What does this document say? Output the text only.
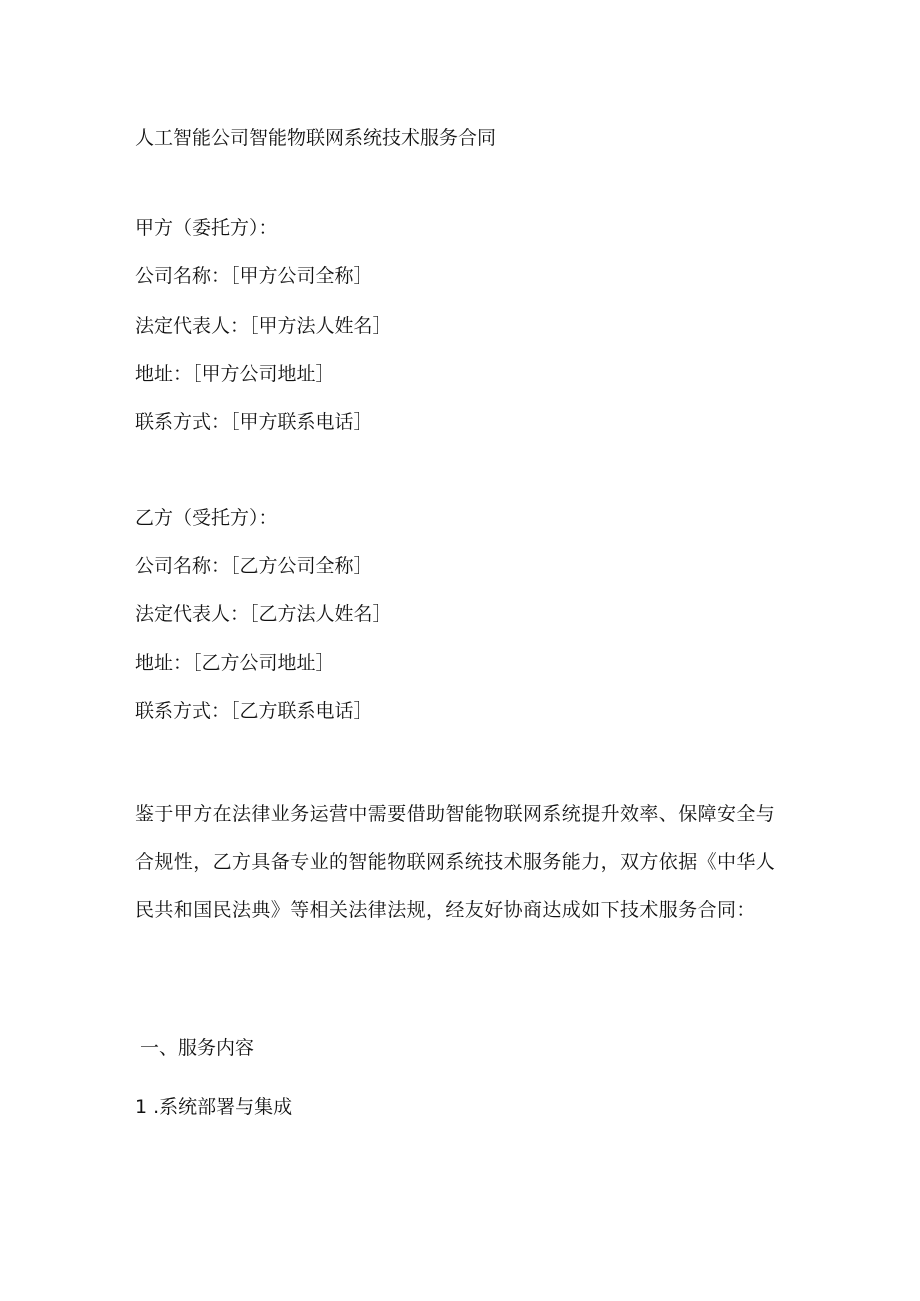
人工智能公司智能物联网系统技术服务合同
甲方（委托方）：
公司名称：［甲方公司全称］
法定代表人：［甲方法人姓名］
地址：［甲方公司地址］
联系方式：［甲方联系电话］
乙方（受托方）：
公司名称：［乙方公司全称］
法定代表人：［乙方法人姓名］
地址：［乙方公司地址］
联系方式：［乙方联系电话］
鉴于甲方在法律业务运营中需要借助智能物联网系统提升效率、保障安全与合规性，乙方具备专业的智能物联网系统技术服务能力，双方依据《中华人民共和国民法典》等相关法律法规，经友好协商达成如下技术服务合同：
一、服务内容
1 .系统部署与集成
